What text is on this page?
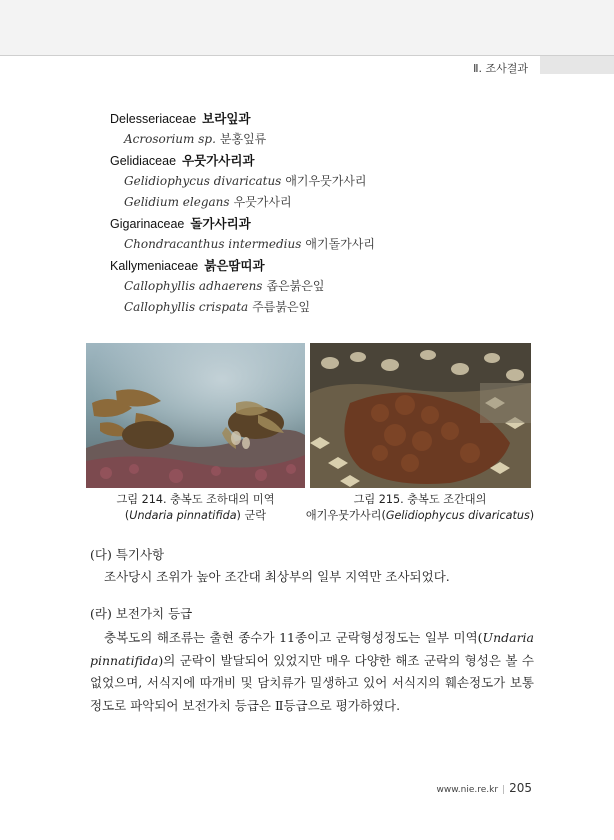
Ⅱ. 조사결과
Delesseriaceae 보라잎과
Acrosorium sp. 분홍잎류
Gelidiaceae 우뭇가사리과
Gelidiophycus divaricatus 애기우뭇가사리
Gelidium elegans 우뭇가사리
Gigarinaceae 돌가사리과
Chondracanthus intermedius 애기돌가사리
Kallymeniaceae 붉은땀띠과
Callophyllis adhaerens 좁은붉은잎
Callophyllis crispata 주름붉은잎
그림 214. 충복도 조하대의 미역
(Undaria pinnatifida) 군락
그림 215. 충복도 조간대의
애기우뭇가사리(Gelidiophycus divaricatus)
(다) 특기사항
조사당시 조위가 높아 조간대 최상부의 일부 지역만 조사되었다.
(라) 보전가치 등급
충복도의 해조류는 출현 종수가 11종이고 군락형성정도는 일부 미역(Undaria pinnatifida)의 군락이 발달되어 있었지만 매우 다양한 해조 군락의 형성은 볼 수 없었으며, 서식지에 따개비 및 담치류가 밀생하고 있어 서식지의 훼손정도가 보통 정도로 파악되어 보전가치 등급은 Ⅱ등급으로 평가하였다.
www.nie.re.kr | 205
